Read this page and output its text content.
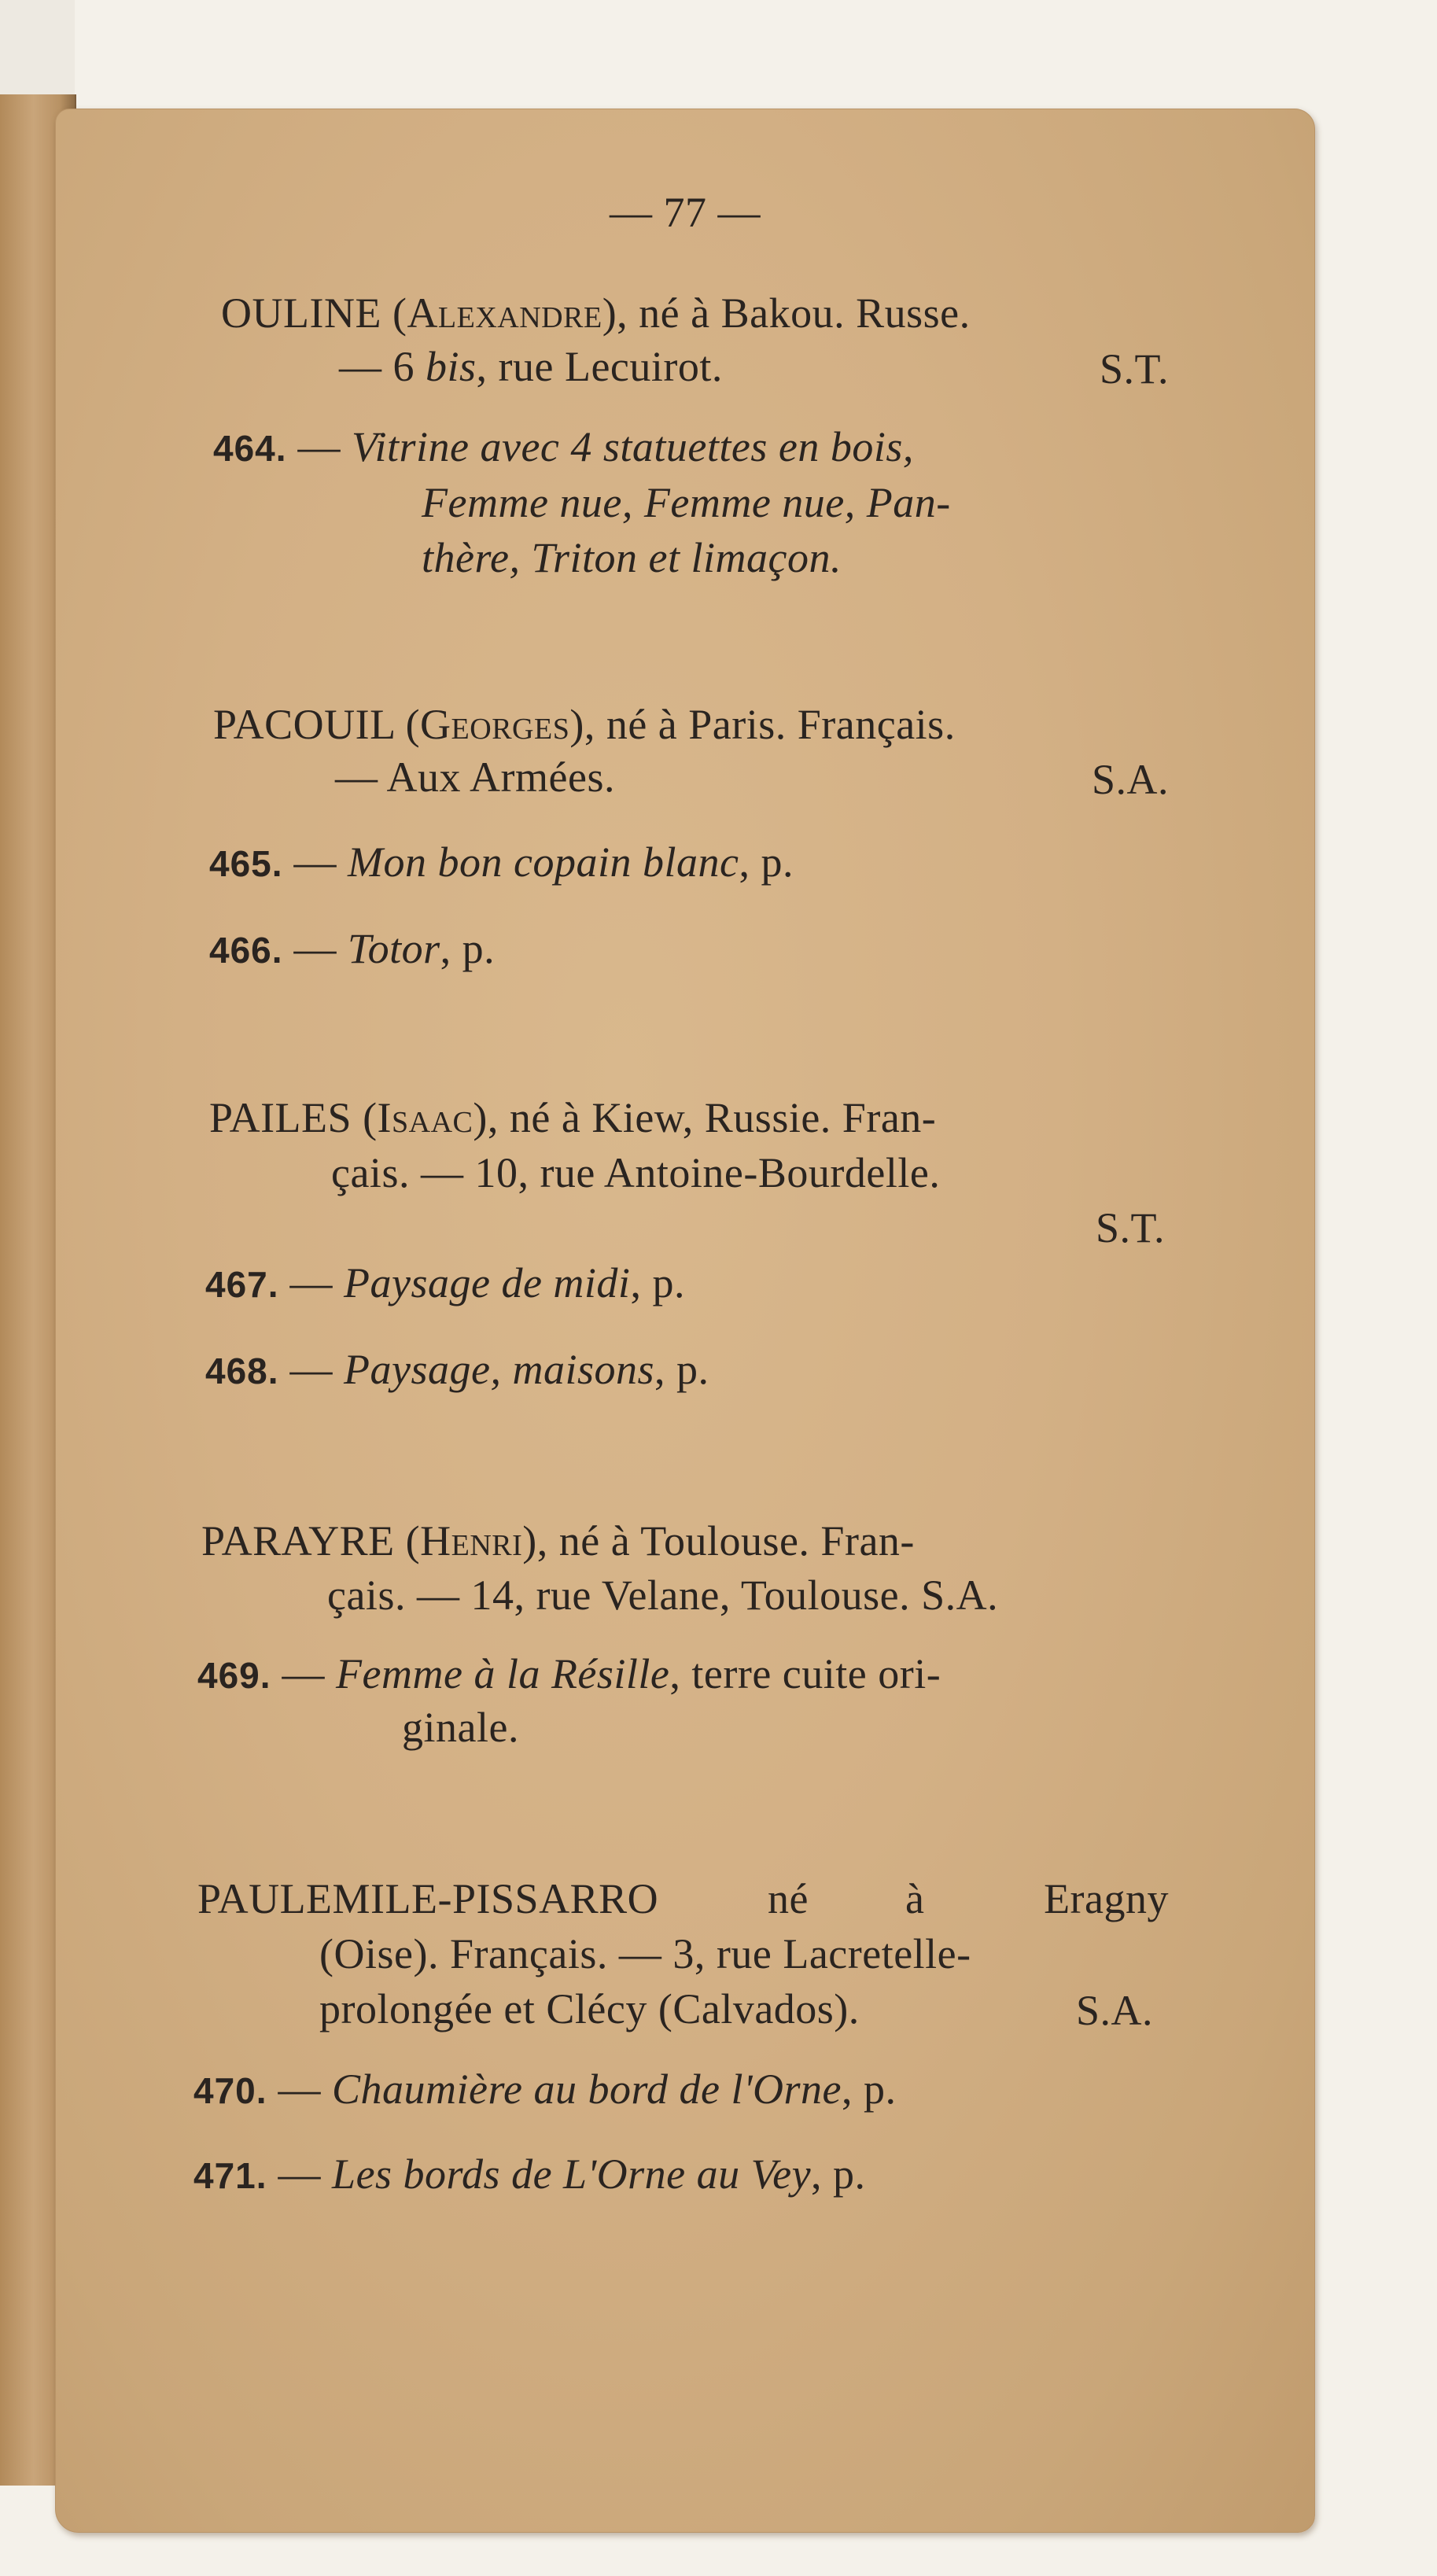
— 77 —
OULINE (Alexandre), né à Bakou. Russe.
— 6 bis, rue Lecuirot.	S.T.
464. — Vitrine avec 4 statuettes en bois,
Femme nue, Femme nue, Pan-
thère, Triton et limaçon.
PACOUIL (Georges), né à Paris. Français.
— Aux Armées.	S.A.
465. — Mon bon copain blanc, p.
466. — Totor, p.
PAILES (Isaac), né à Kiew, Russie. Fran-
çais. — 10, rue Antoine-Bourdelle.
S.T.
467. — Paysage de midi, p.
468. — Paysage, maisons, p.
PARAYRE (Henri), né à Toulouse. Fran-
çais. — 14, rue Velane, Toulouse. S.A.
469. — Femme à la Résille, terre cuite ori-
ginale.
PAULEMILE-PISSARRO	né à	Eragny
(Oise). Français. — 3, rue Lacretelle-
prolongée et Clécy (Calvados).	S.A.
470. — Chaumière au bord de l'Orne, p.
471. — Les bords de L'Orne au Vey, p.
